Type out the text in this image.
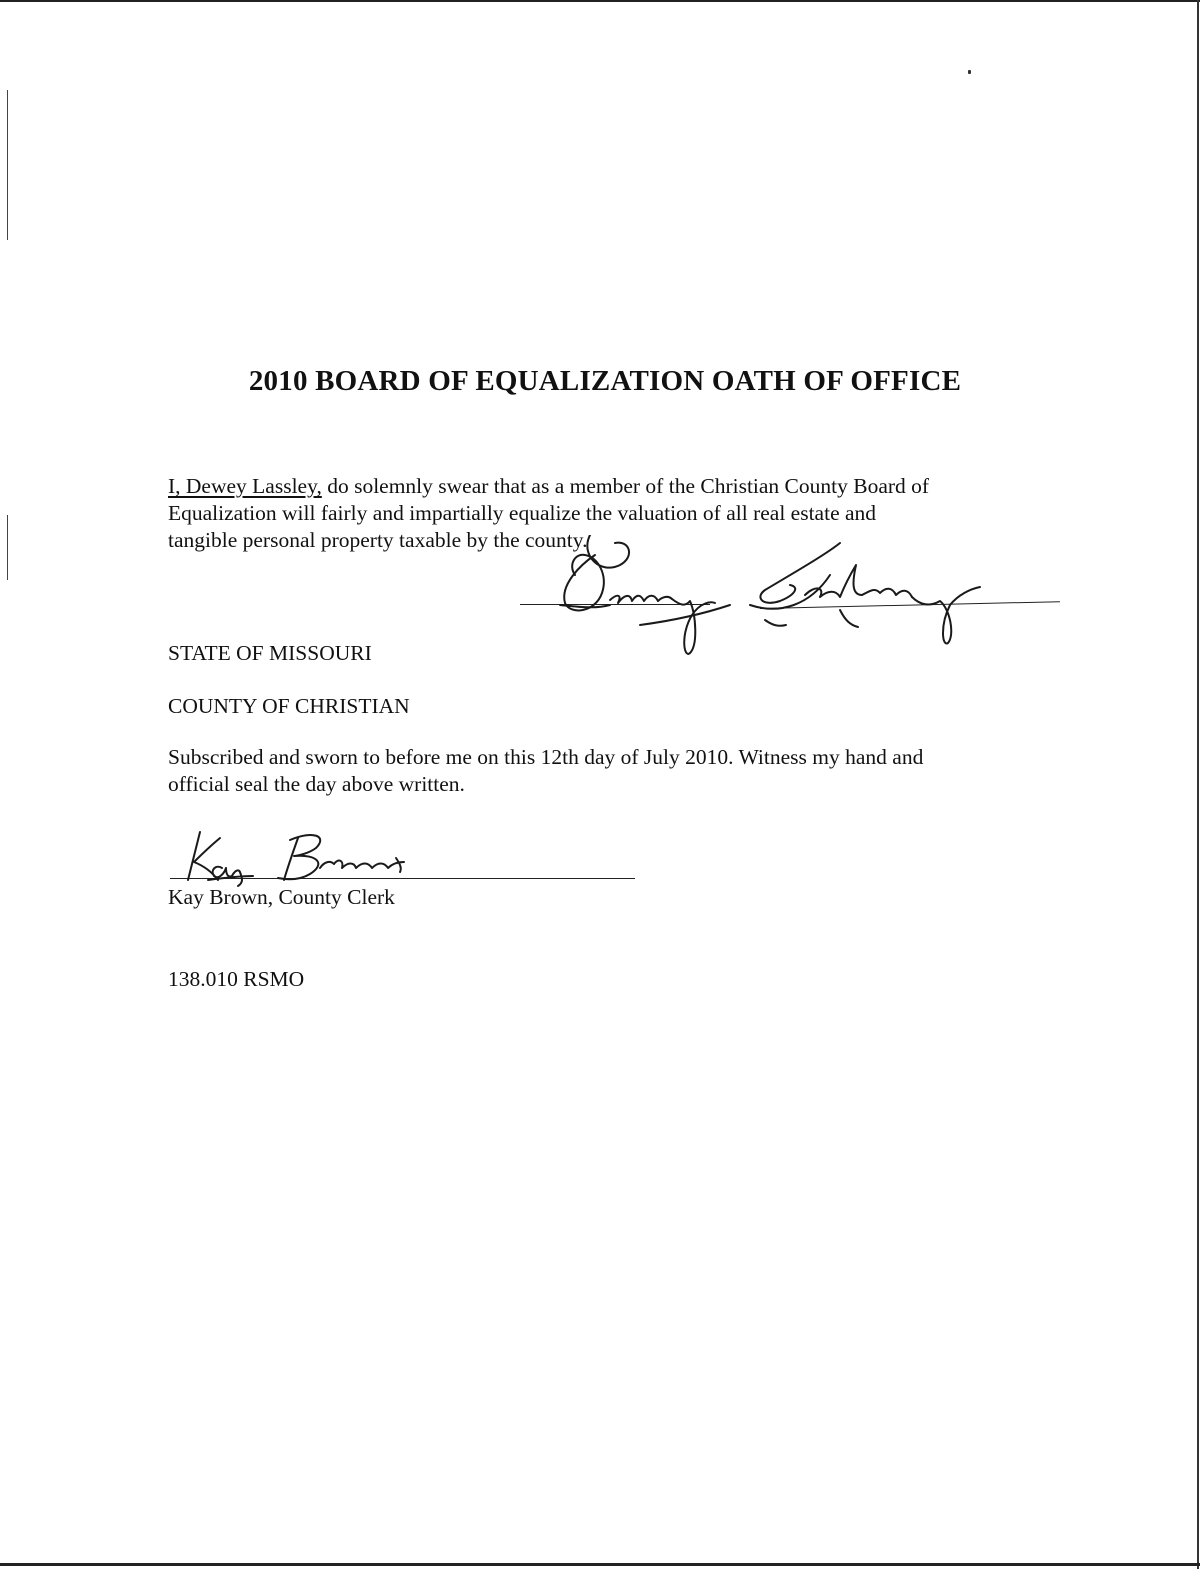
2010 BOARD OF EQUALIZATION OATH OF OFFICE
I, Dewey Lassley, do solemnly swear that as a member of the Christian County Board of
Equalization will fairly and impartially equalize the valuation of all real estate and
tangible personal property taxable by the county.
STATE OF MISSOURI
COUNTY OF CHRISTIAN
Subscribed and sworn to before me on this 12th day of July 2010. Witness my hand and
official seal the day above written.
Kay Brown, County Clerk
138.010 RSMO
